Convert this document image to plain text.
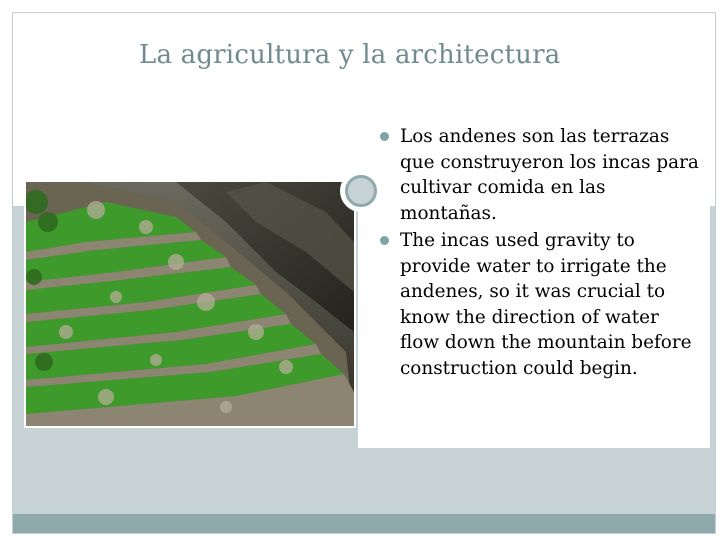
La agricultura y la architectura
Los andenes son las terrazas que construyeron los incas para cultivar comida en las montañas.
The incas used gravity to provide water to irrigate the andenes, so it was crucial to know the direction of water flow down the mountain before construction could begin.
